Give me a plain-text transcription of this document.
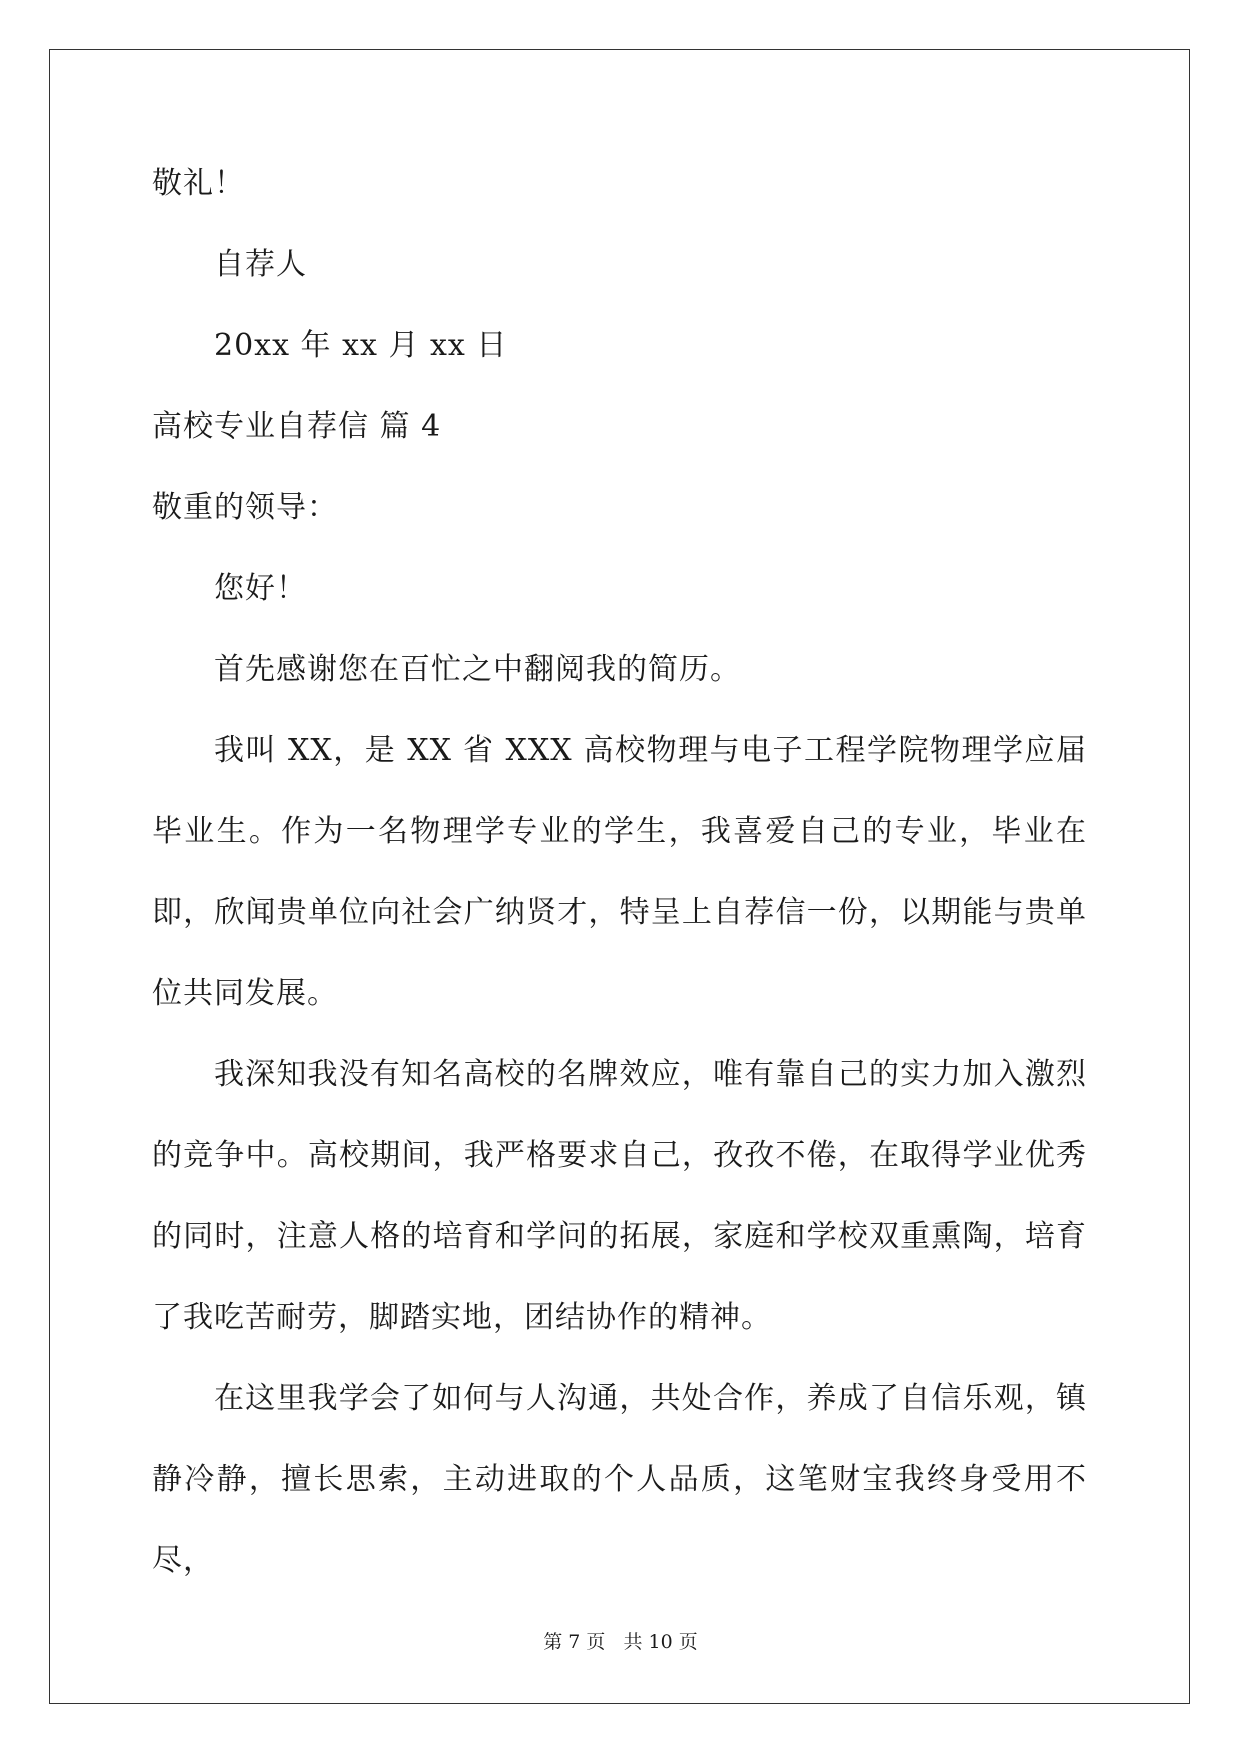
敬礼！
自荐人
20xx 年 xx 月 xx 日
高校专业自荐信 篇 4
敬重的领导：
您好！
首先感谢您在百忙之中翻阅我的简历。

我叫 XX，是 XX 省 XXX 高校物理与电子工程学院物理学应届毕业生。作为一名物理学专业的学生，我喜爱自己的专业，毕业在即，欣闻贵单位向社会广纳贤才，特呈上自荐信一份，以期能与贵单位共同发展。

我深知我没有知名高校的名牌效应，唯有靠自己的实力加入激烈的竞争中。高校期间，我严格要求自己，孜孜不倦，在取得学业优秀的同时，注意人格的培育和学问的拓展，家庭和学校双重熏陶，培育了我吃苦耐劳，脚踏实地，团结协作的精神。

在这里我学会了如何与人沟通，共处合作，养成了自信乐观，镇静冷静，擅长思索，主动进取的个人品质，这笔财宝我终身受用不尽，

第 7 页 共 10 页
